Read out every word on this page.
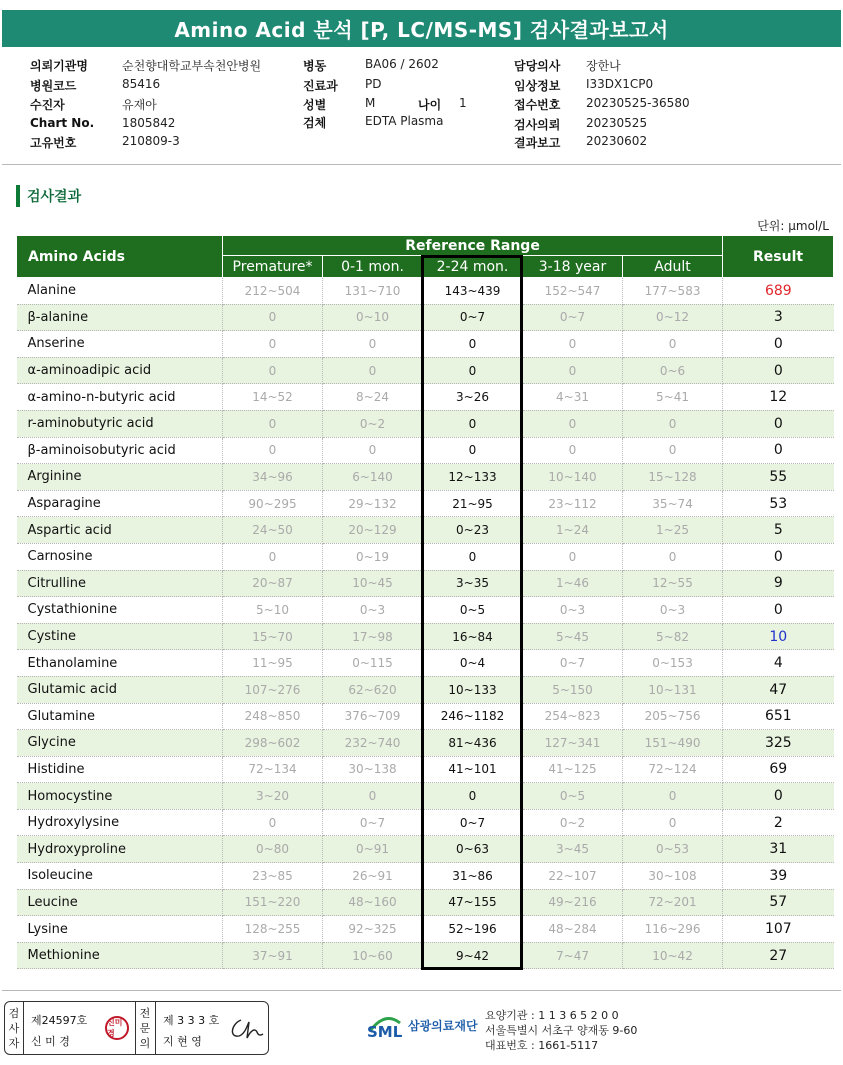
Amino Acid 분석 [P, LC/MS-MS] 검사결과보고서
의뢰기관명	순천향대학교부속천안병원
병원코드	85416
수진자	유재아
Chart No. 1805842
고유번호	210809-3
병동	BA06 / 2602
진료과 PD
성별	M	나이 1
검체	EDTA Plasma
담당의사 장한나
임상정보 I33DX1CP0
접수번호 20230525-36580
검사의뢰 20230525
결과보고 20230602
검사결과
단위: μmol/L
Amino Acids	Reference Range					Result
	Premature*	0-1 mon.	2-24 mon.	3-18 year	Adult	
Alanine	212~504	131~710	143~439	152~547	177~583	689
β-alanine	0	0~10	0~7	0~7	0~12	3
Anserine	0	0	0	0	0	0
α-aminoadipic acid	0	0	0	0	0~6	0
α-amino-n-butyric acid	14~52	8~24	3~26	4~31	5~41	12
r-aminobutyric acid	0	0~2	0	0	0	0
β-aminoisobutyric acid	0	0	0	0	0	0
Arginine	34~96	6~140	12~133	10~140	15~128	55
Asparagine	90~295	29~132	21~95	23~112	35~74	53
Aspartic acid	24~50	20~129	0~23	1~24	1~25	5
Carnosine	0	0~19	0	0	0	0
Citrulline	20~87	10~45	3~35	1~46	12~55	9
Cystathionine	5~10	0~3	0~5	0~3	0~3	0
Cystine	15~70	17~98	16~84	5~45	5~82	10
Ethanolamine	11~95	0~115	0~4	0~7	0~153	4
Glutamic acid	107~276	62~620	10~133	5~150	10~131	47
Glutamine	248~850	376~709	246~1182	254~823	205~756	651
Glycine	298~602	232~740	81~436	127~341	151~490	325
Histidine	72~134	30~138	41~101	41~125	72~124	69
Homocystine	3~20	0	0	0~5	0	0
Hydroxylysine	0	0~7	0~7	0~2	0	2
Hydroxyproline	0~80	0~91	0~63	3~45	0~53	31
Isoleucine	23~85	26~91	31~86	22~107	30~108	39
Leucine	151~220	48~160	47~155	49~216	72~201	57
Lysine	128~255	92~325	52~196	48~284	116~296	107
Methionine	37~91	10~60	9~42	7~47	10~42	27
검사자
제24597호
신 미 경
신미경
전문의
제 3 3 3 호
지 현 영
SML 삼광의료재단
요양기관 : 1 1 3 6 5 2 0 0
서울특별시 서초구 양재동 9-60
대표번호 : 1661-5117
